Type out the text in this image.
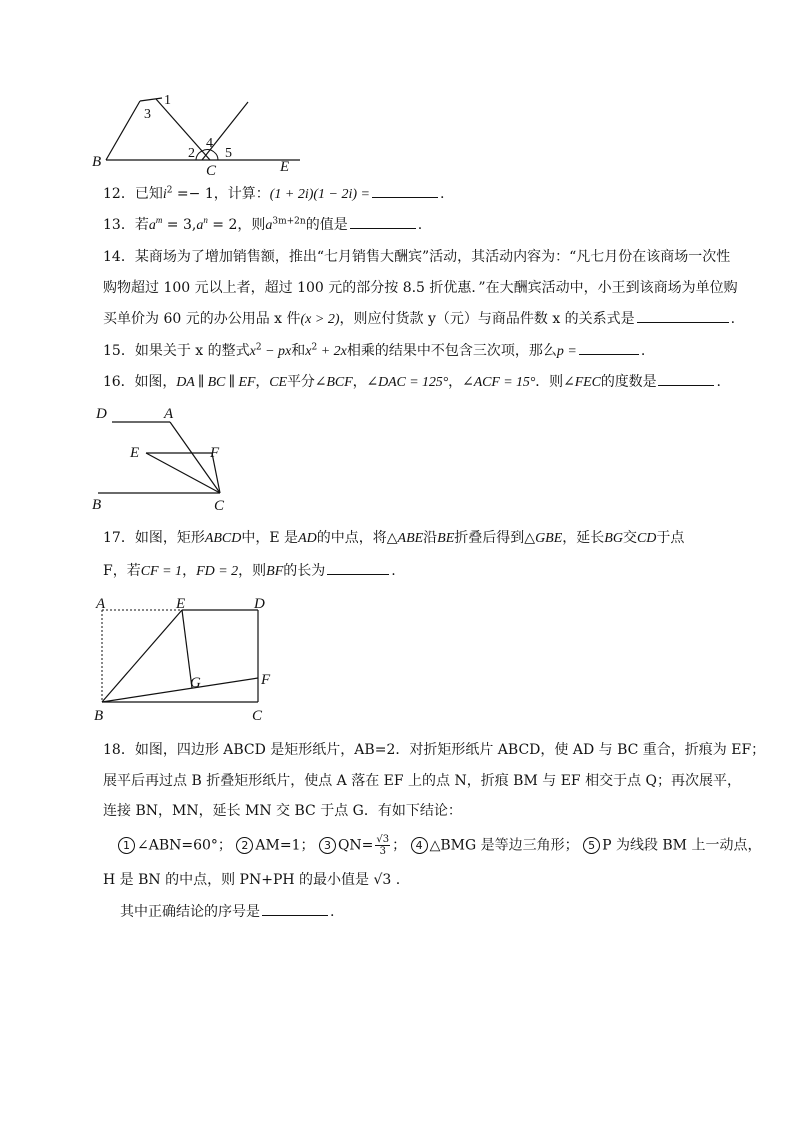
3
1
4
2 5
B
C	E
12．已知$i^2 =- 1$，计算：(1 + 2i)(1 − 2i) =	.
13．若$a^m = 3,a^n = 2$，则$a^{3m+2n}$的值是	.
14．某商场为了增加销售额，推出“七月销售大酬宾”活动，其活动内容为：“凡七月份在该商场一次性
购物超过 100 元以上者，超过 100 元的部分按 8.5 折优惠．”在大酬宾活动中，小王到该商场为单位购
买单价为 60 元的办公用品 x 件(x > 2)，则应付货款 y（元）与商品件数 x 的关系式是	.
15．如果关于 x 的整式$x^2$ − px和$x^2 + 2x$相乘的结果中不包含三次项，那么p =	.
16．如图，DA ∥ BC ∥ EF，CE平分∠BCF，∠DAC = 125°，∠ACF = 15°．则∠FEC的度数是	.
D	A
E	F
B	C
17．如图，矩形ABCD中，E 是AD的中点，将△ABE沿BE折叠后得到△GBE，延长BG交CD于点
F，若CF = 1，FD = 2，则BF的长为	.
A	E	D
G	F
B	C
18．如图，四边形 ABCD 是矩形纸片，AB=2．对折矩形纸片 ABCD，使 AD 与 BC 重合，折痕为 EF；
展平后再过点 B 折叠矩形纸片，使点 A 落在 EF 上的点 N，折痕 BM 与 EF 相交于点 Q；再次展平，
连接 BN，MN，延长 MN 交 BC 于点 G．有如下结论：
1 ∠ABN=60°； 2 AM=1； 3 $QN= \frac{√3}{3}$ ； 4 △BMG 是等边三角形； 5 P 为线段 BM 上一动点，
H 是 BN 的中点，则 PN+PH 的最小值是 √3 .
其中正确结论的序号是	.
